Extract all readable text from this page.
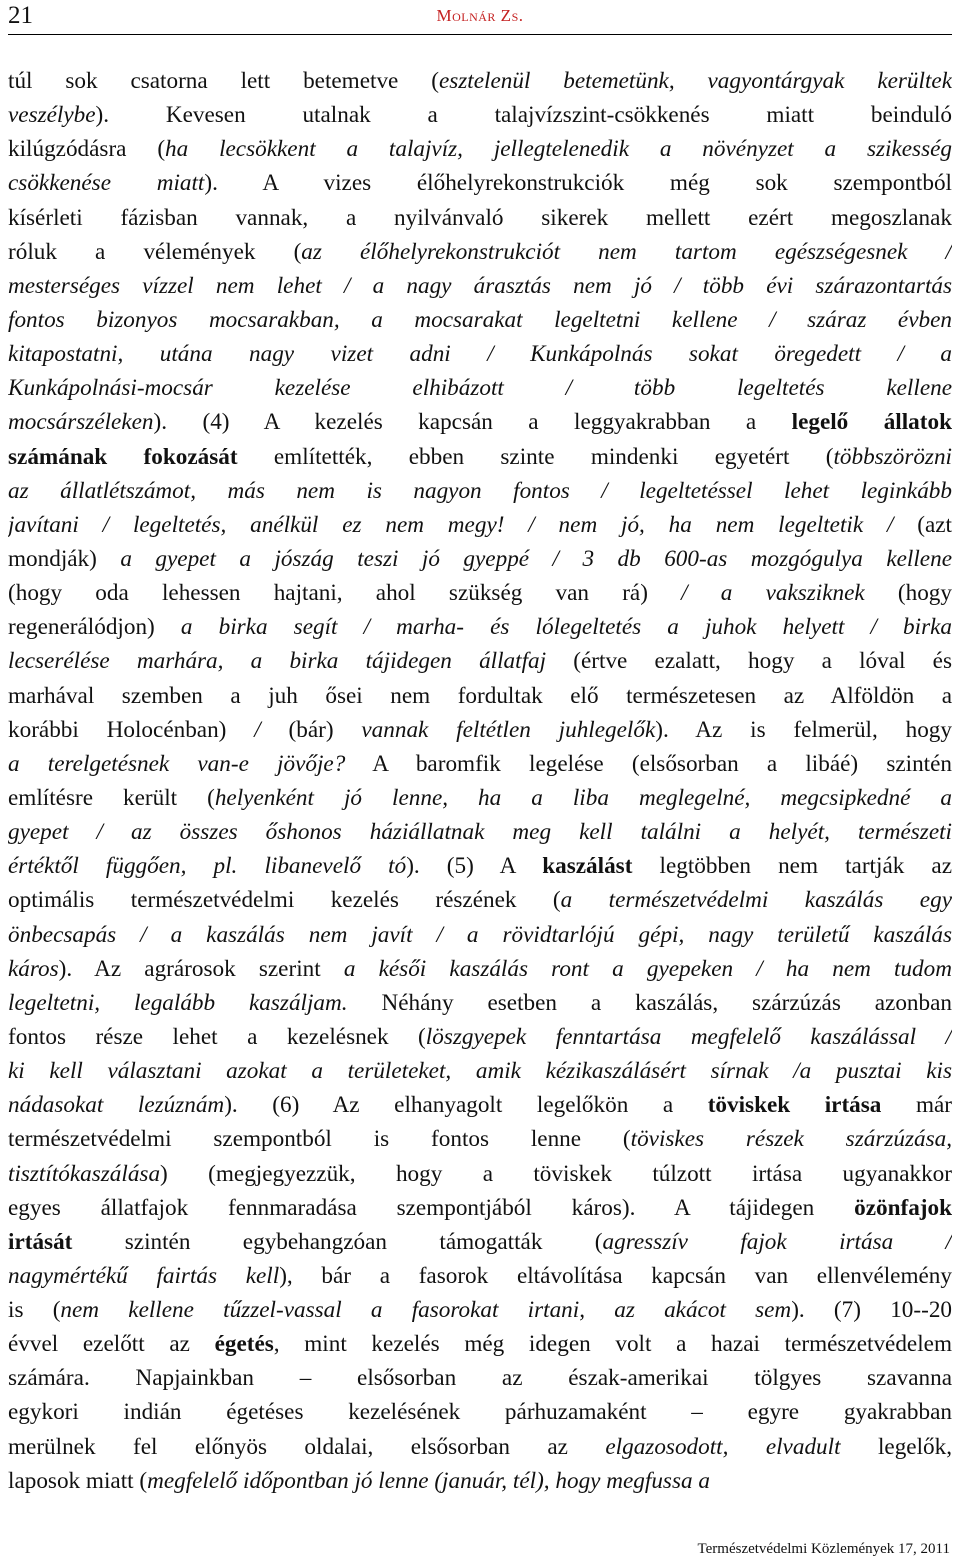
21	Molnár Zs.
túl sok csatorna lett betemetve (esztelenül betemetünk, vagyontárgyak kerültek
veszélybe). Kevesen utalnak a talajvízszint-csökkenés miatt beinduló
kilúgzódásra (ha lecsökkent a talajvíz, jellegtelenedik a növényzet a szikesség
csökkenése miatt). A vizes élőhelyrekonstrukciók még sok szempontból
kísérleti fázisban vannak, a nyilvánvaló sikerek mellett ezért megoszlanak
róluk a vélemények (az élőhelyrekonstrukciót nem tartom egészségesnek /
mesterséges vízzel nem lehet / a nagy árasztás nem jó / több évi szárazontartás
fontos bizonyos mocsarakban, a mocsarakat legeltetni kellene / száraz évben
kitapostatni, utána nagy vizet adni / Kunkápolnás sokat öregedett / a
Kunkápolnási-mocsár kezelése elhibázott / több legeltetés kellene
mocsárszéleken). (4) A kezelés kapcsán a leggyakrabban a legelő állatok
számának fokozását említették, ebben szinte mindenki egyetért (többszörözni
az állatlétszámot, más nem is nagyon fontos / legeltetéssel lehet leginkább
javítani / legeltetés, anélkül ez nem megy! / nem jó, ha nem legeltetik / (azt
mondják) a gyepet a jószág teszi jó gyeppé / 3 db 600-as mozgógulya kellene
(hogy oda lehessen hajtani, ahol szükség van rá) / a vaksziknek (hogy
regenerálódjon) a birka segít / marha- és lólegeltetés a juhok helyett / birka
lecserélése marhára, a birka tájidegen állatfaj (értve ezalatt, hogy a lóval és
marhával szemben a juh ősei nem fordultak elő természetesen az Alföldön a
korábbi Holocénban) / (bár) vannak feltétlen juhlegelők). Az is felmerül, hogy
a terelgetésnek van-e jövője? A baromfik legelése (elsősorban a libáé) szintén
említésre került (helyenként jó lenne, ha a liba meglegelné, megcsipkedné a
gyepet / az összes őshonos háziállatnak meg kell találni a helyét, természeti
értéktől függően, pl. libanevelő tó). (5) A kaszálást legtöbben nem tartják az
optimális természetvédelmi kezelés részének (a természetvédelmi kaszálás egy
önbecsapás / a kaszálás nem javít / a rövidtarlójú gépi, nagy területű kaszálás
káros). Az agrárosok szerint a késői kaszálás ront a gyepeken / ha nem tudom
legeltetni, legalább kaszáljam. Néhány esetben a kaszálás, szárzúzás azonban
fontos része lehet a kezelésnek (löszgyepek fenntartása megfelelő kaszálással /
ki kell választani azokat a területeket, amik kézikaszálásért sírnak /a pusztai kis
nádasokat lezúznám). (6) Az elhanyagolt legelőkön a töviskek irtása már
természetvédelmi szempontból is fontos lenne (töviskes részek szárzúzása,
tisztítókaszálása) (megjegyezzük, hogy a töviskek túlzott irtása ugyanakkor
egyes állatfajok fennmaradása szempontjából káros). A tájidegen özönfajok
irtását szintén egybehangzóan támogatták (agresszív fajok irtása /
nagymértékű fairtás kell), bár a fasorok eltávolítása kapcsán van ellenvélemény
is (nem kellene tűzzel-vassal a fasorokat irtani, az akácot sem). (7) 10--20
évvel ezelőtt az égetés, mint kezelés még idegen volt a hazai természetvédelem
számára. Napjainkban – elsősorban az észak-amerikai tölgyes szavanna
egykori indián égetéses kezelésének párhuzamaként – egyre gyakrabban
merülnek fel előnyös oldalai, elsősorban az elgazosodott, elvadult legelők,
laposok miatt (megfelelő időpontban jó lenne (január, tél), hogy megfussa a
Természetvédelmi Közlemények 17, 2011
